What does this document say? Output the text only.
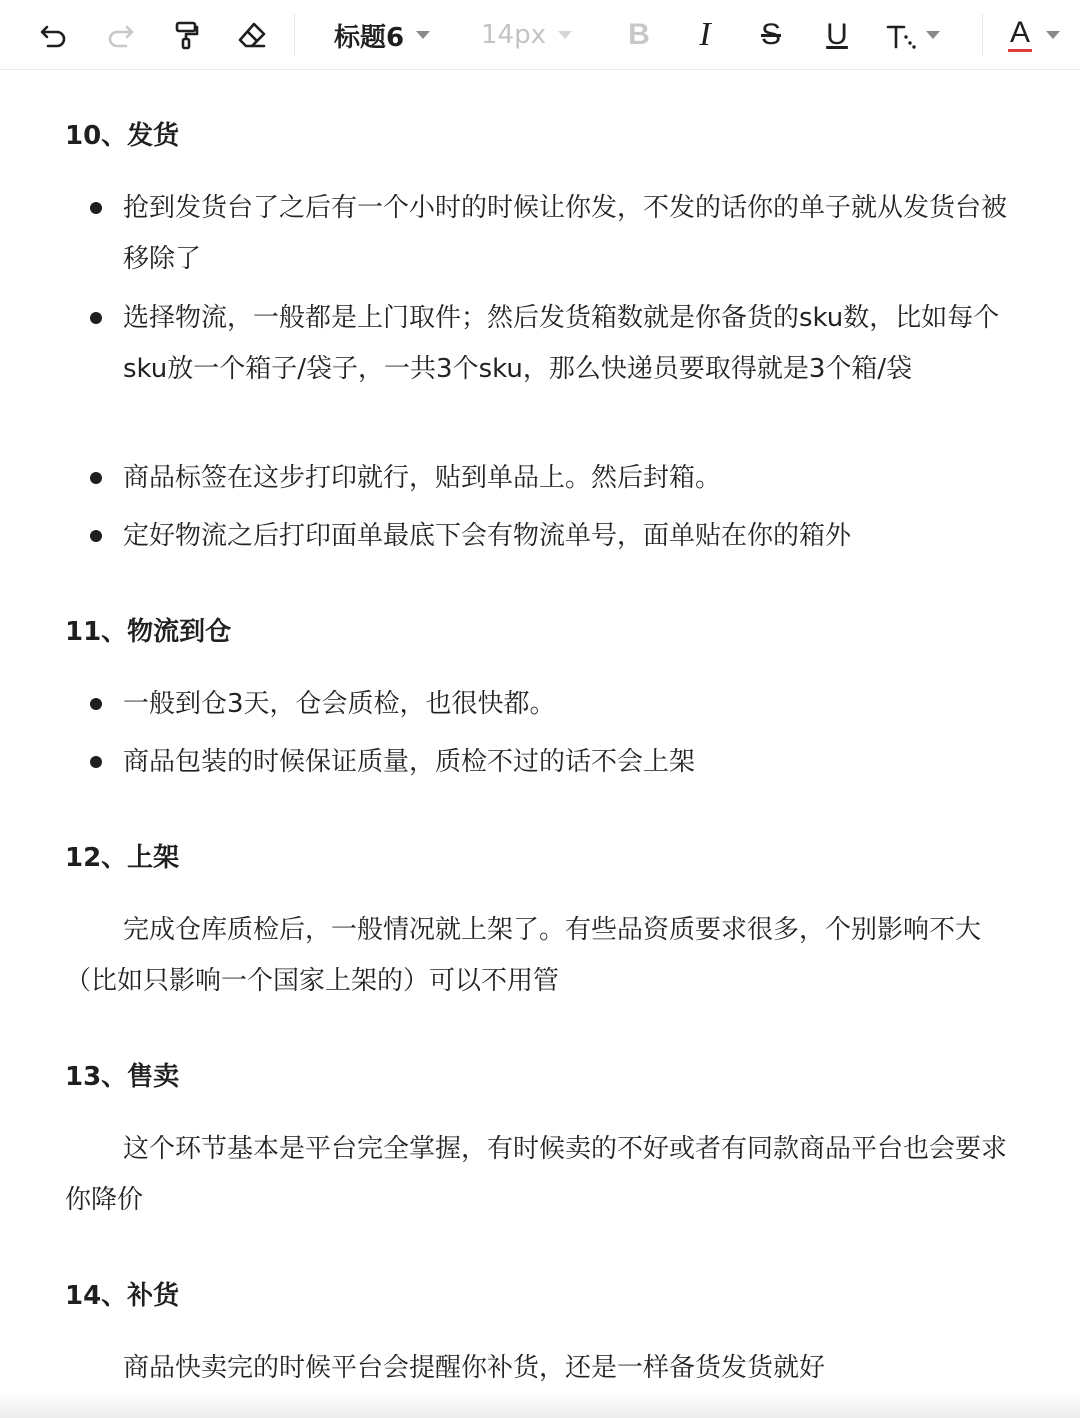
标题6	14px	B I S U	A
10、发货
抢到发货台了之后有一个小时的时候让你发，不发的话你的单子就从发货台被移除了
选择物流，一般都是上门取件；然后发货箱数就是你备货的sku数，比如每个sku放一个箱子/袋子，一共3个sku，那么快递员要取得就是3个箱/袋
商品标签在这步打印就行，贴到单品上。然后封箱。
定好物流之后打印面单最底下会有物流单号，面单贴在你的箱外
11、物流到仓
一般到仓3天，仓会质检，也很快都。
商品包装的时候保证质量，质检不过的话不会上架
12、上架
完成仓库质检后，一般情况就上架了。有些品资质要求很多，个别影响不大（比如只影响一个国家上架的）可以不用管
13、售卖
这个环节基本是平台完全掌握，有时候卖的不好或者有同款商品平台也会要求你降价
14、补货
商品快卖完的时候平台会提醒你补货，还是一样备货发货就好
